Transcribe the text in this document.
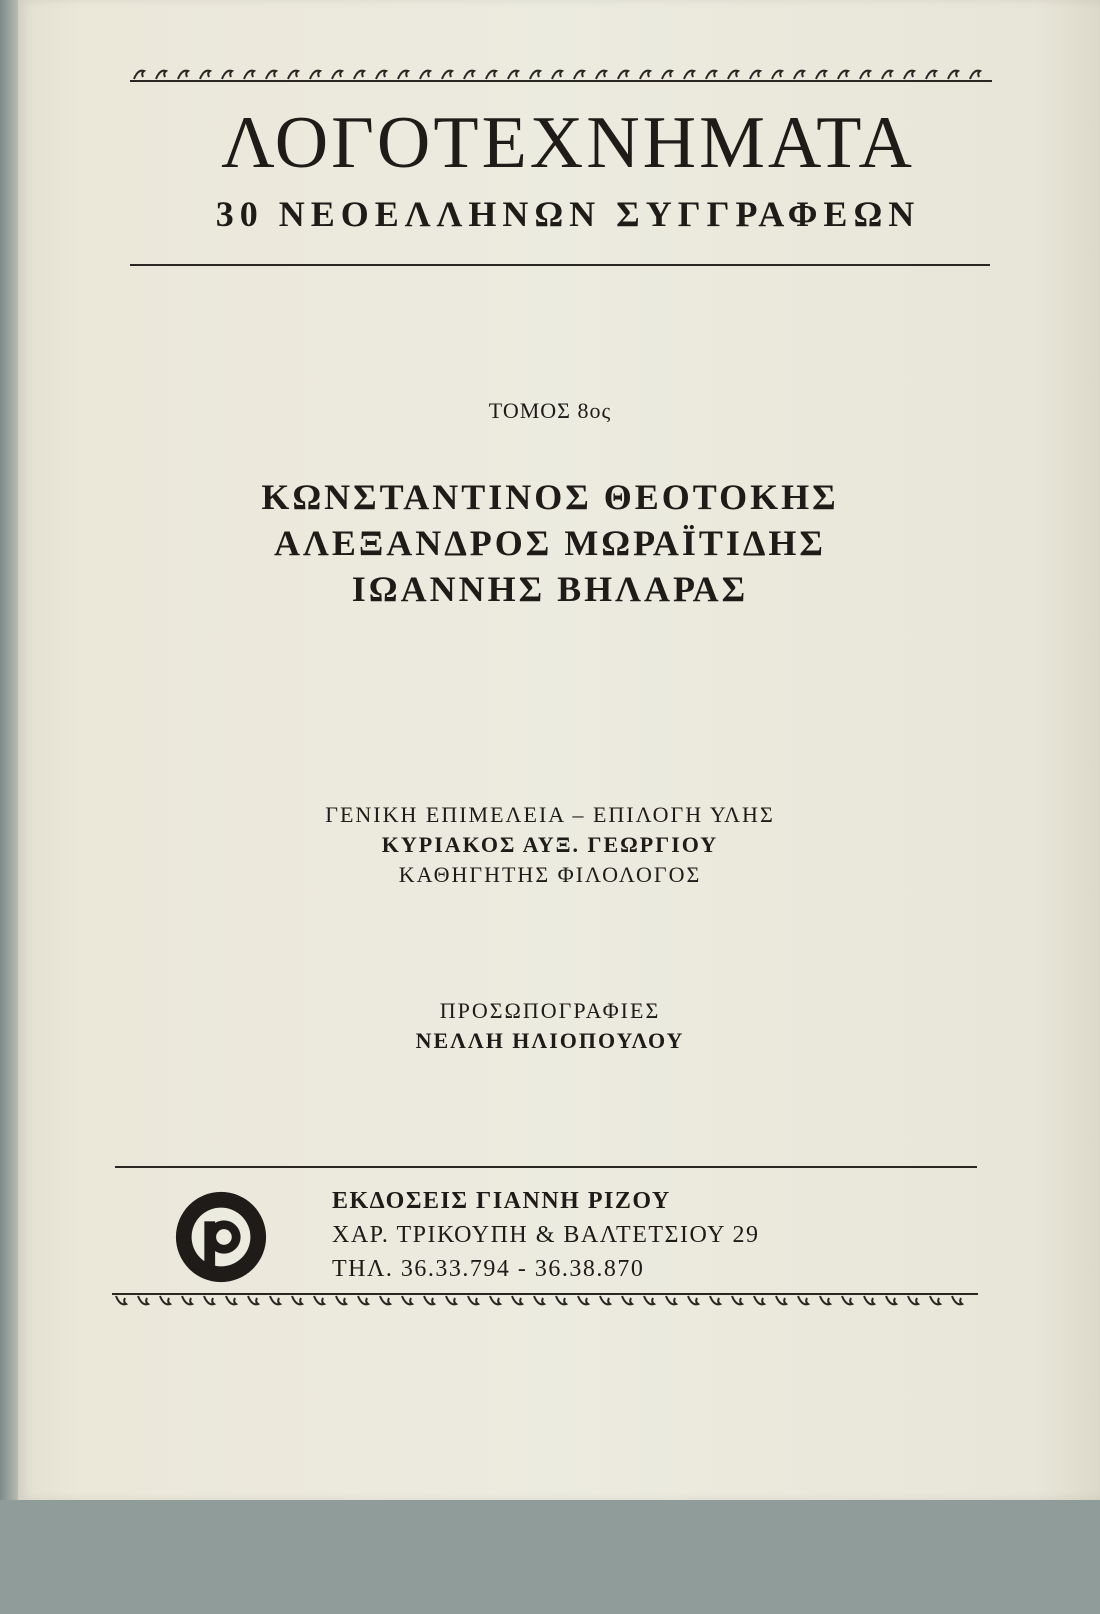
ΛΟΓΟΤΕΧΝΗΜΑΤΑ
30 ΝΕΟΕΛΛΗΝΩΝ ΣΥΓΓΡΑΦΕΩΝ
ΤΟΜΟΣ 8ος
ΚΩΝΣΤΑΝΤΙΝΟΣ ΘΕΟΤΟΚΗΣ
ΑΛΕΞΑΝΔΡΟΣ ΜΩΡΑΪΤΙΔΗΣ
ΙΩΑΝΝΗΣ ΒΗΛΑΡΑΣ
ΓΕΝΙΚΗ ΕΠΙΜΕΛΕΙΑ – ΕΠΙΛΟΓΗ ΥΛΗΣ
ΚΥΡΙΑΚΟΣ ΑΥΞ. ΓΕΩΡΓΙΟΥ
ΚΑΘΗΓΗΤΗΣ ΦΙΛΟΛΟΓΟΣ
ΠΡΟΣΩΠΟΓΡΑΦΙΕΣ
ΝΕΛΛΗ ΗΛΙΟΠΟΥΛΟΥ
ΕΚΔΟΣΕΙΣ ΓΙΑΝΝΗ ΡΙΖΟΥ
ΧΑΡ. ΤΡΙΚΟΥΠΗ & ΒΑΛΤΕΤΣΙΟΥ 29
ΤΗΛ. 36.33.794 - 36.38.870
